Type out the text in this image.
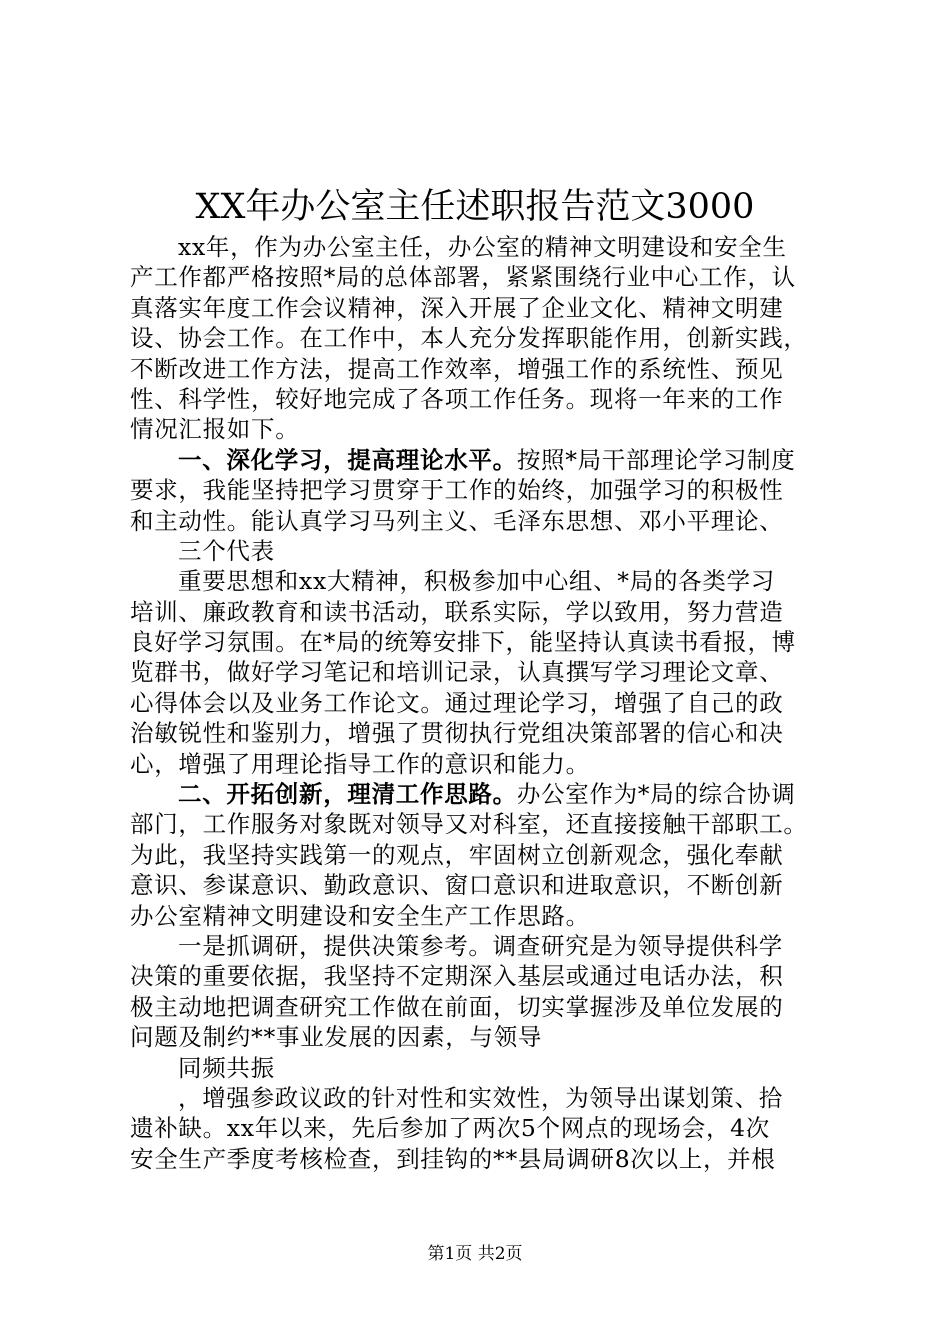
XX年办公室主任述职报告范文3000
xx年，作为办公室主任，办公室的精神文明建设和安全生
产工作都严格按照*局的总体部署，紧紧围绕行业中心工作，认
真落实年度工作会议精神，深入开展了企业文化、精神文明建
设、协会工作。在工作中，本人充分发挥职能作用，创新实践，
不断改进工作方法，提高工作效率，增强工作的系统性、预见
性、科学性，较好地完成了各项工作任务。现将一年来的工作
情况汇报如下。
一、深化学习，提高理论水平。按照*局干部理论学习制度
要求，我能坚持把学习贯穿于工作的始终，加强学习的积极性
和主动性。能认真学习马列主义、毛泽东思想、邓小平理论、
三个代表
重要思想和xx大精神，积极参加中心组、*局的各类学习
培训、廉政教育和读书活动，联系实际，学以致用，努力营造
良好学习氛围。在*局的统筹安排下，能坚持认真读书看报，博
览群书，做好学习笔记和培训记录，认真撰写学习理论文章、
心得体会以及业务工作论文。通过理论学习，增强了自己的政
治敏锐性和鉴别力，增强了贯彻执行党组决策部署的信心和决
心，增强了用理论指导工作的意识和能力。
二、开拓创新，理清工作思路。办公室作为*局的综合协调
部门，工作服务对象既对领导又对科室，还直接接触干部职工。
为此，我坚持实践第一的观点，牢固树立创新观念，强化奉献
意识、参谋意识、勤政意识、窗口意识和进取意识，不断创新
办公室精神文明建设和安全生产工作思路。
一是抓调研，提供决策参考。调查研究是为领导提供科学
决策的重要依据，我坚持不定期深入基层或通过电话办法，积
极主动地把调查研究工作做在前面，切实掌握涉及单位发展的
问题及制约**事业发展的因素，与领导
同频共振
，增强参政议政的针对性和实效性，为领导出谋划策、拾
遗补缺。xx年以来，先后参加了两次5个网点的现场会，4次
安全生产季度考核检查，到挂钩的**县局调研8次以上，并根
第1页 共2页
